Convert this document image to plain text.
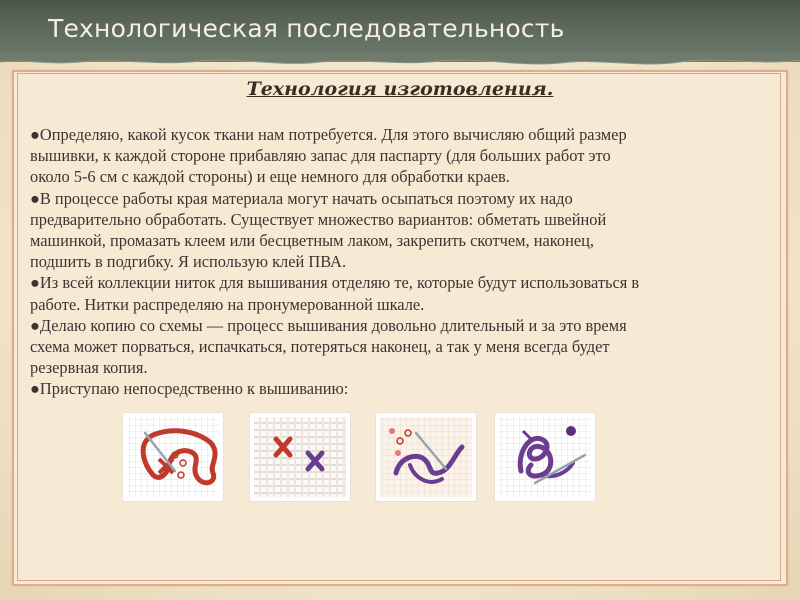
Технологическая последовательность
Технология изготовления.
●Определяю, какой кусок ткани нам потребуется. Для этого вычисляю общий размер
вышивки, к каждой стороне прибавляю запас для паспарту (для больших работ это
около 5-6 см с каждой стороны) и еще немного для обработки краев.
●В процессе работы края материала могут начать осыпаться поэтому их надо
предварительно обработать. Существует множество вариантов: обметать швейной
машинкой, промазать клеем или бесцветным лаком, закрепить скотчем, наконец,
подшить в подгибку. Я использую клей ПВА.
●Из всей коллекции ниток для вышивания отделяю те, которые будут использоваться в
работе. Нитки распределяю на пронумерованной шкале.
●Делаю копию со схемы — процесс вышивания довольно длительный и за это время
схема может порваться, испачкаться, потеряться наконец, а так у меня всегда будет
резервная копия.
●Приступаю непосредственно к вышиванию:
